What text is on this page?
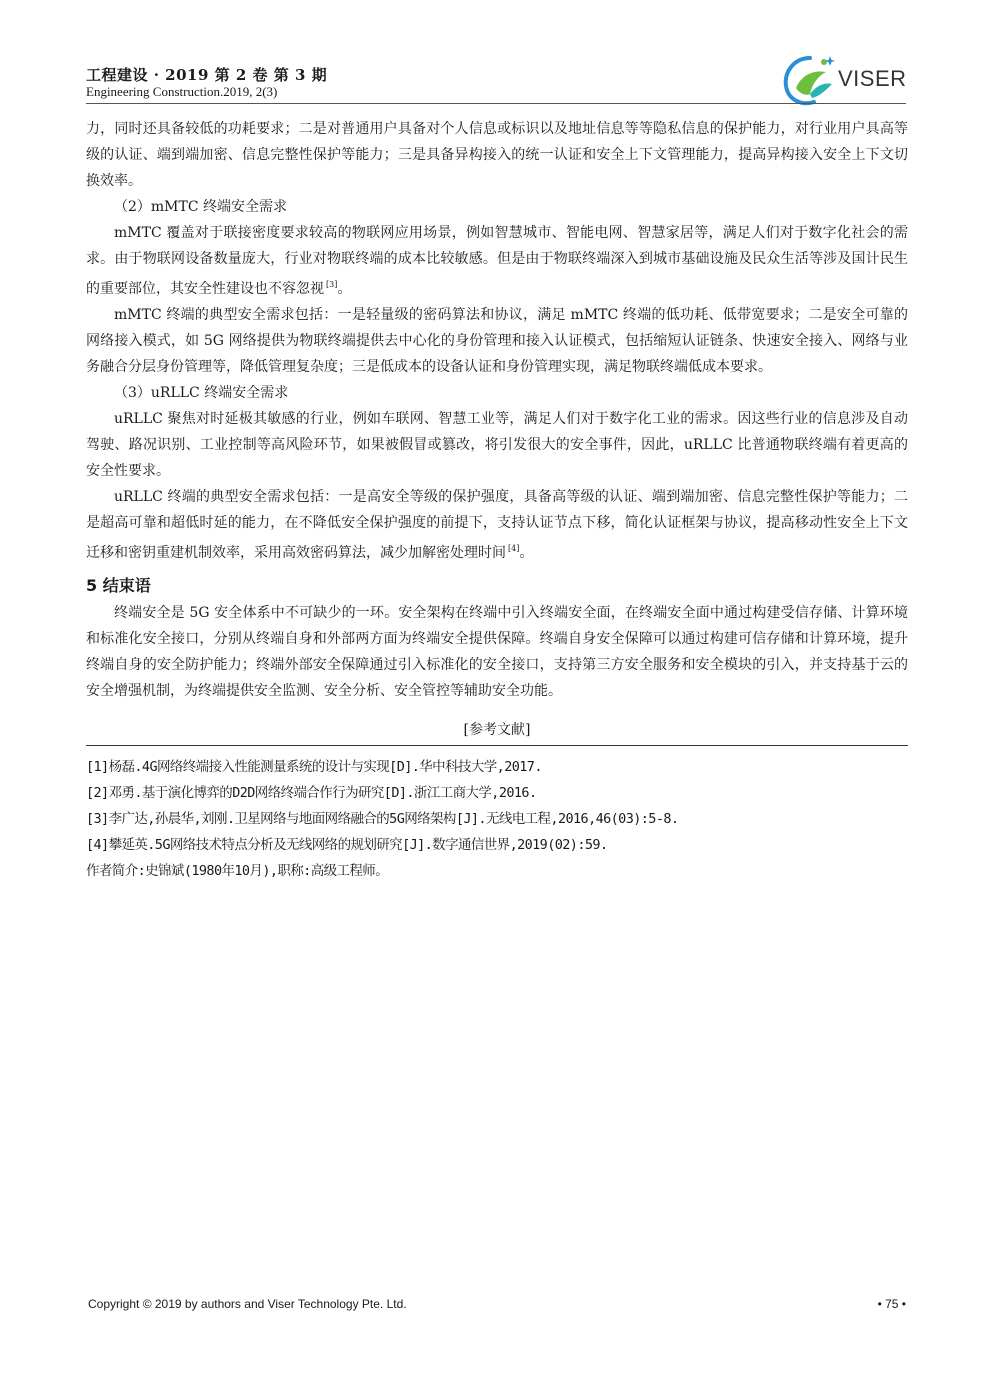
工程建设 · 2019 第 2 卷 第 3 期
Engineering Construction.2019, 2(3)
VISER

力，同时还具备较低的功耗要求；二是对普通用户具备对个人信息或标识以及地址信息等等隐私信息的保护能力，对行业用户具高等级的认证、端到端加密、信息完整性保护等能力；三是具备异构接入的统一认证和安全上下文管理能力，提高异构接入安全上下文切换效率。

（2）mMTC 终端安全需求

mMTC 覆盖对于联接密度要求较高的物联网应用场景，例如智慧城市、智能电网、智慧家居等，满足人们对于数字化社会的需求。由于物联网设备数量庞大，行业对物联终端的成本比较敏感。但是由于物联终端深入到城市基础设施及民众生活等涉及国计民生的重要部位，其安全性建设也不容忽视 [3]。

mMTC 终端的典型安全需求包括：一是轻量级的密码算法和协议，满足 mMTC 终端的低功耗、低带宽要求；二是安全可靠的网络接入模式，如 5G 网络提供为物联终端提供去中心化的身份管理和接入认证模式，包括缩短认证链条、快速安全接入、网络与业务融合分层身份管理等，降低管理复杂度；三是低成本的设备认证和身份管理实现，满足物联终端低成本要求。

（3）uRLLC 终端安全需求

uRLLC 聚焦对时延极其敏感的行业，例如车联网、智慧工业等，满足人们对于数字化工业的需求。因这些行业的信息涉及自动驾驶、路况识别、工业控制等高风险环节，如果被假冒或篡改，将引发很大的安全事件，因此，uRLLC 比普通物联终端有着更高的安全性要求。

uRLLC 终端的典型安全需求包括：一是高安全等级的保护强度，具备高等级的认证、端到端加密、信息完整性保护等能力；二是超高可靠和超低时延的能力，在不降低安全保护强度的前提下，支持认证节点下移，简化认证框架与协议，提高移动性安全上下文迁移和密钥重建机制效率，采用高效密码算法，减少加解密处理时间 [4]。

5 结束语

终端安全是 5G 安全体系中不可缺少的一环。安全架构在终端中引入终端安全面，在终端安全面中通过构建受信存储、计算环境和标准化安全接口，分别从终端自身和外部两方面为终端安全提供保障。终端自身安全保障可以通过构建可信存储和计算环境，提升终端自身的安全防护能力；终端外部安全保障通过引入标准化的安全接口，支持第三方安全服务和安全模块的引入，并支持基于云的安全增强机制，为终端提供安全监测、安全分析、安全管控等辅助安全功能。

[参考文献]

[1]杨磊.4G网络终端接入性能测量系统的设计与实现[D].华中科技大学,2017.

[2]邓勇.基于演化博弈的D2D网络终端合作行为研究[D].浙江工商大学,2016.

[3]李广达,孙晨华,刘刚.卫星网络与地面网络融合的5G网络架构[J].无线电工程,2016,46(03):5-8.

[4]攀延英.5G网络技术特点分析及无线网络的规划研究[J].数字通信世界,2019(02):59.

作者简介:史锦斌(1980年10月),职称:高级工程师。

Copyright © 2019 by authors and Viser Technology Pte. Ltd.	• 75 •
